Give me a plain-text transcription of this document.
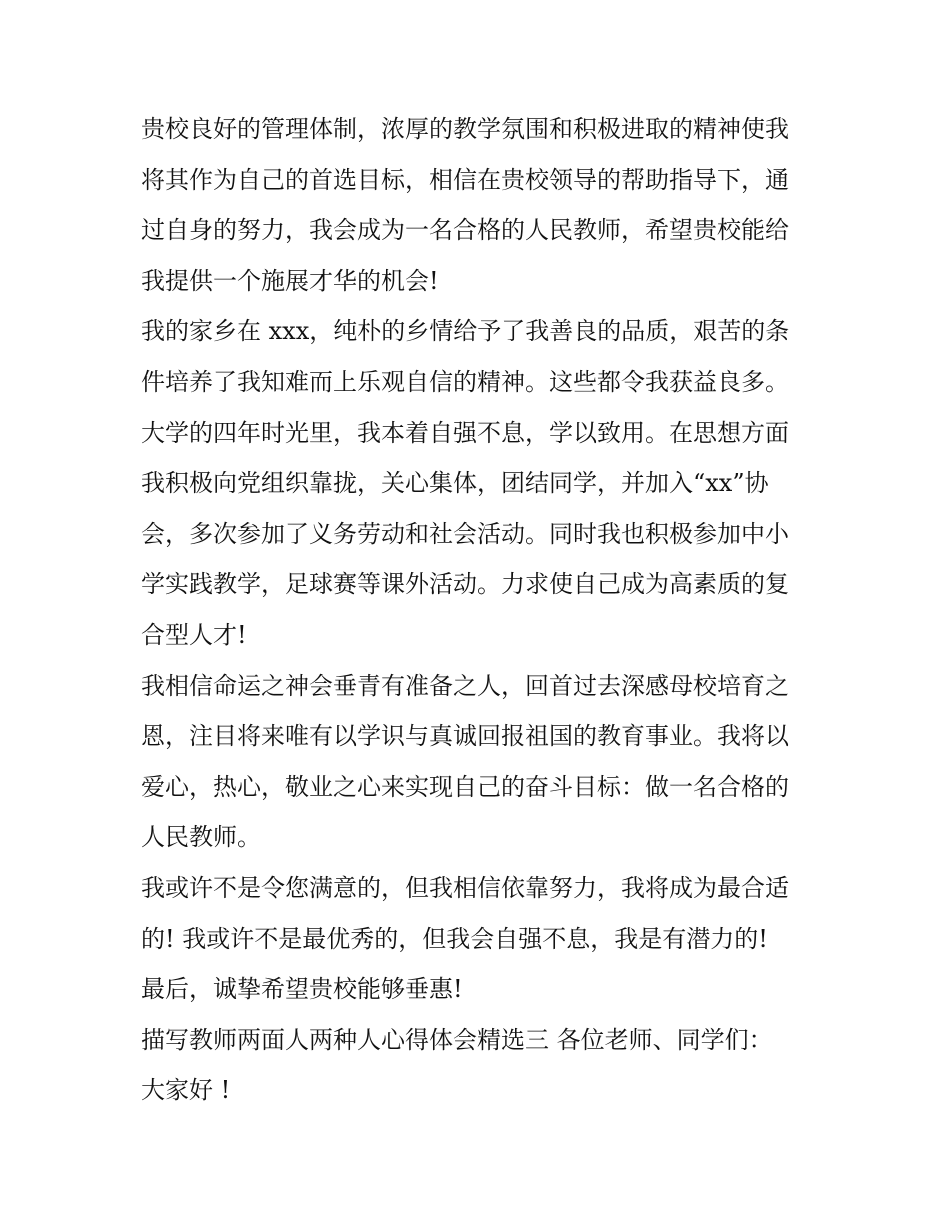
贵校良好的管理体制，浓厚的教学氛围和积极进取的精神使我
将其作为自己的首选目标，相信在贵校领导的帮助指导下，通
过自身的努力，我会成为一名合格的人民教师，希望贵校能给
我提供一个施展才华的机会!
我的家乡在 xxx，纯朴的乡情给予了我善良的品质，艰苦的条
件培养了我知难而上乐观自信的精神。这些都令我获益良多。
大学的四年时光里，我本着自强不息，学以致用。在思想方面
我积极向党组织靠拢，关心集体，团结同学，并加入“xx”协
会，多次参加了义务劳动和社会活动。同时我也积极参加中小
学实践教学，足球赛等课外活动。力求使自己成为高素质的复
合型人才!
我相信命运之神会垂青有准备之人，回首过去深感母校培育之
恩，注目将来唯有以学识与真诚回报祖国的教育事业。我将以
爱心，热心，敬业之心来实现自己的奋斗目标：做一名合格的
人民教师。
我或许不是令您满意的，但我相信依靠努力，我将成为最合适
的! 我或许不是最优秀的，但我会自强不息，我是有潜力的!
最后，诚挚希望贵校能够垂惠!
描写教师两面人两种人心得体会精选三 各位老师、同学们：
大家好 !
